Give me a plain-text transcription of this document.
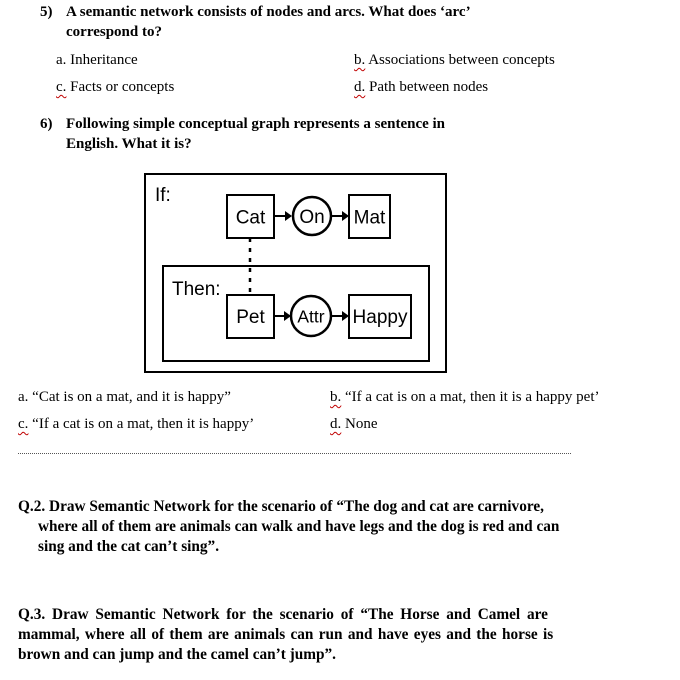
5) A semantic network consists of nodes and arcs. What does ‘arc’
correspond to?
a. Inheritance	b. Associations between concepts
c. Facts or concepts	d. Path between nodes
6) Following simple conceptual graph represents a sentence in
English. What it is?
If:
Then:
Cat On Mat
Pet Attr Happy
a. “Cat is on a mat, and it is happy”	b. “If a cat is on a mat, then it is a happy pet’
c. “If a cat is on a mat, then it is happy’	d. None
Q.2. Draw Semantic Network for the scenario of “The dog and cat are carnivore,
where all of them are animals can walk and have legs and the dog is red and can
sing and the cat can’t sing”.
Q.3. Draw Semantic Network for the scenario of “The Horse and Camel are
mammal, where all of them are animals can run and have eyes and the horse is
brown and can jump and the camel can’t jump”.
